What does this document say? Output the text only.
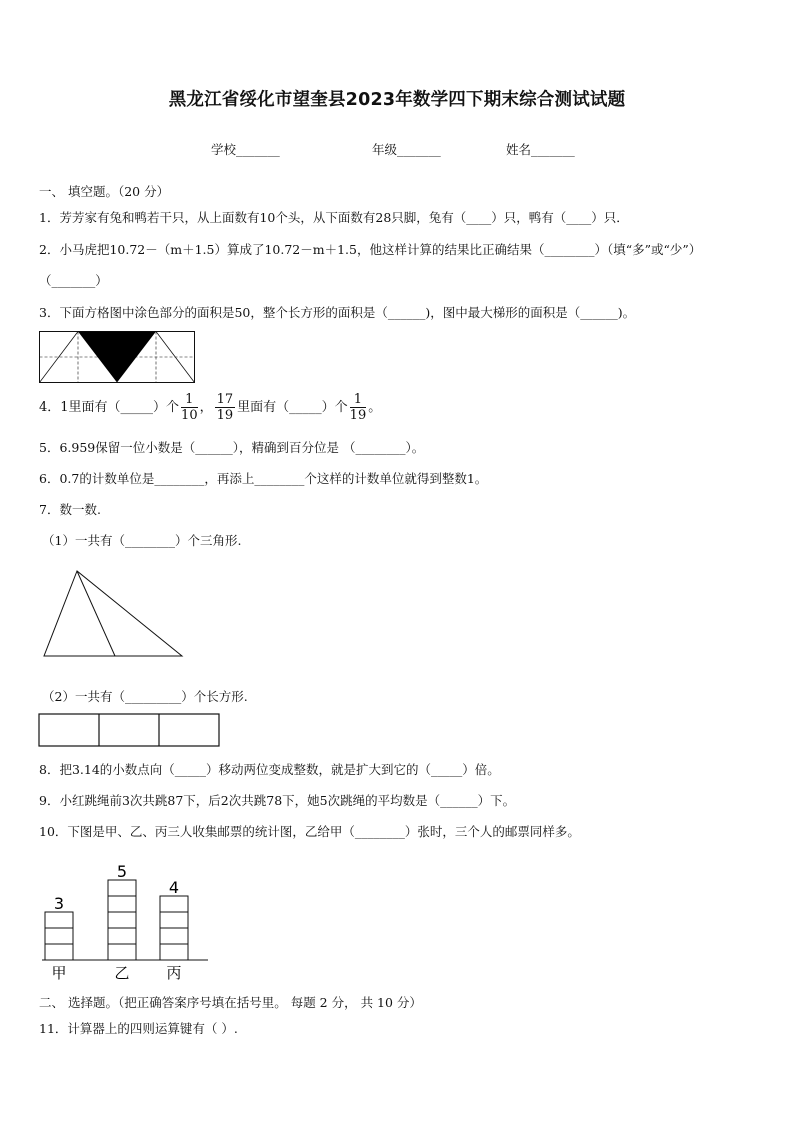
黑龙江省绥化市望奎县2023年数学四下期末综合测试试题
学校_______	年级_______	姓名_______
一、 填空题。（20 分）
1．芳芳家有兔和鸭若干只，从上面数有10个头，从下面数有28只脚，兔有（____）只，鸭有（____）只．
2．小马虎把10.72－（m＋1.5）算成了10.72－m＋1.5，他这样计算的结果比正确结果（________）（填“多”或“少”）
（_______）
3．下面方格图中涂色部分的面积是50，整个长方形的面积是（______)，图中最大梯形的面积是（______)。
4．1里面有（_____）个 $\frac{1}{10}$ ， $\frac{17}{19}$ 里面有（_____）个 $\frac{1}{19}$ 。
5．6.959保留一位小数是（______），精确到百分位是 （________）。
6．0.7的计数单位是________，再添上________个这样的计数单位就得到整数1。
7．数一数.
（1）一共有（________）个三角形.
（2）一共有（_________）个长方形.
8．把3.14的小数点向（_____）移动两位变成整数，就是扩大到它的（_____）倍。
9．小红跳绳前3次共跳87下，后2次共跳78下，她5次跳绳的平均数是（______）下。
10．下图是甲、乙、丙三人收集邮票的统计图，乙给甲（________）张时，三个人的邮票同样多。
3
甲
5
乙
4
丙
二、 选择题。（把正确答案序号填在括号里。 每题 2 分， 共 10 分）
11．计算器上的四则运算键有（ ）.
